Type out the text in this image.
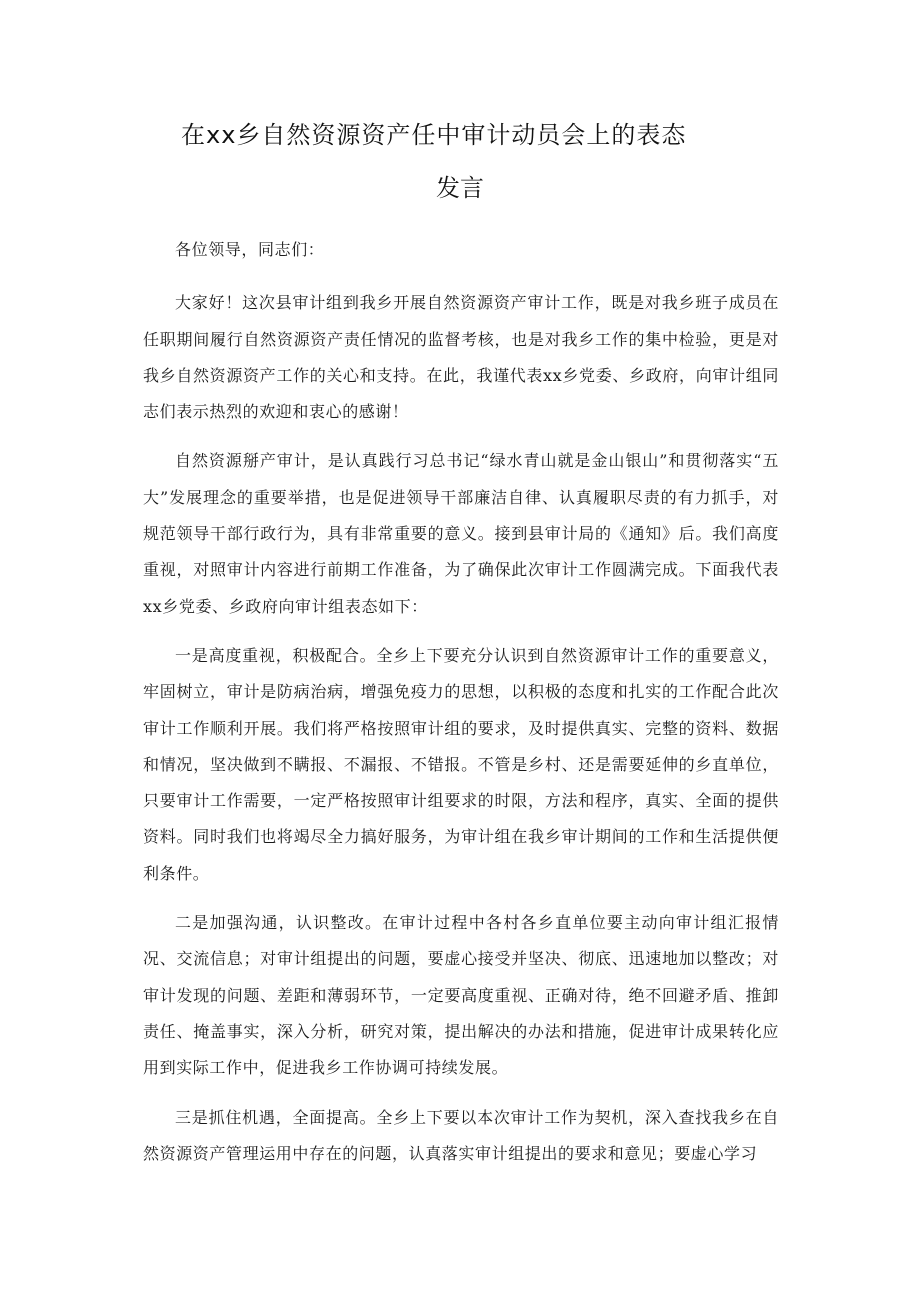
在xx乡自然资源资产任中审计动员会上的表态
发言

各位领导，同志们：

大家好！这次县审计组到我乡开展自然资源资产审计工作，既是对我乡班子成员在任职期间履行自然资源资产责任情况的监督考核，也是对我乡工作的集中检验，更是对我乡自然资源资产工作的关心和支持。在此，我谨代表xx乡党委、乡政府，向审计组同志们表示热烈的欢迎和衷心的感谢！

自然资源掰产审计，是认真践行习总书记“绿水青山就是金山银山”和贯彻落实“五大”发展理念的重要举措，也是促进领导干部廉洁自律、认真履职尽责的有力抓手，对规范领导干部行政行为，具有非常重要的意义。接到县审计局的《通知》后。我们高度重视，对照审计内容进行前期工作准备，为了确保此次审计工作圆满完成。下面我代表xx乡党委、乡政府向审计组表态如下：

一是高度重视，积极配合。全乡上下要充分认识到自然资源审计工作的重要意义，牢固树立，审计是防病治病，增强免疫力的思想，以积极的态度和扎实的工作配合此次审计工作顺利开展。我们将严格按照审计组的要求，及时提供真实、完整的资料、数据和情况，坚决做到不瞒报、不漏报、不错报。不管是乡村、还是需要延伸的乡直单位，只要审计工作需要，一定严格按照审计组要求的时限，方法和程序，真实、全面的提供资料。同时我们也将竭尽全力搞好服务，为审计组在我乡审计期间的工作和生活提供便利条件。

二是加强沟通，认识整改。在审计过程中各村各乡直单位要主动向审计组汇报情况、交流信息；对审计组提出的问题，要虚心接受并坚决、彻底、迅速地加以整改；对审计发现的问题、差距和薄弱环节，一定要高度重视、正确对待，绝不回避矛盾、推卸责任、掩盖事实，深入分析，研究对策，提出解决的办法和措施，促进审计成果转化应用到实际工作中，促进我乡工作协调可持续发展。

三是抓住机遇，全面提高。全乡上下要以本次审计工作为契机，深入查找我乡在自然资源资产管理运用中存在的问题，认真落实审计组提出的要求和意见；要虚心学习
